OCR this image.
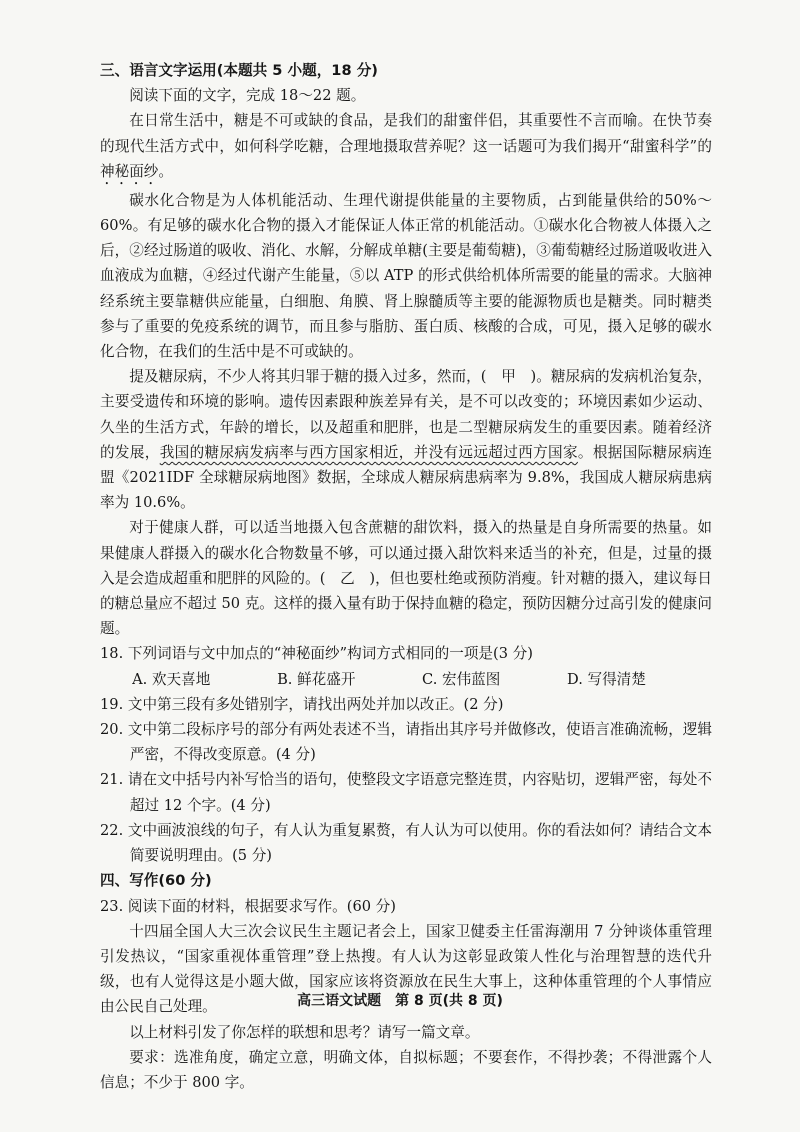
三、语言文字运用(本题共 5 小题，18 分)

阅读下面的文字，完成 18～22 题。

在日常生活中，糖是不可或缺的食品，是我们的甜蜜伴侣，其重要性不言而喻。在快节奏的现代生活方式中，如何科学吃糖，合理地摄取营养呢？这一话题可为我们揭开“甜蜜科学”的神秘面纱。

碳水化合物是为人体机能活动、生理代谢提供能量的主要物质，占到能量供给的50%～60%。有足够的碳水化合物的摄入才能保证人体正常的机能活动。①碳水化合物被人体摄入之后，②经过肠道的吸收、消化、水解，分解成单糖(主要是葡萄糖)，③葡萄糖经过肠道吸收进入血液成为血糖，④经过代谢产生能量，⑤以 ATP 的形式供给机体所需要的能量的需求。大脑神经系统主要靠糖供应能量，白细胞、角膜、肾上腺髓质等主要的能源物质也是糖类。同时糖类参与了重要的免疫系统的调节，而且参与脂肪、蛋白质、核酸的合成，可见，摄入足够的碳水化合物，在我们的生活中是不可或缺的。

提及糖尿病，不少人将其归罪于糖的摄入过多，然而，(　甲　)。糖尿病的发病机治复杂，主要受遗传和环境的影响。遗传因素跟种族差异有关，是不可以改变的；环境因素如少运动、久坐的生活方式，年龄的增长，以及超重和肥胖，也是二型糖尿病发生的重要因素。随着经济的发展，我国的糖尿病发病率与西方国家相近，并没有远远超过西方国家。根据国际糖尿病连盟《2021IDF 全球糖尿病地图》数据，全球成人糖尿病患病率为 9.8%，我国成人糖尿病患病率为 10.6%。

对于健康人群，可以适当地摄入包含蔗糖的甜饮料，摄入的热量是自身所需要的热量。如果健康人群摄入的碳水化合物数量不够，可以通过摄入甜饮料来适当的补充，但是，过量的摄入是会造成超重和肥胖的风险的。(　乙　)，但也要杜绝或预防消瘦。针对糖的摄入，建议每日的糖总量应不超过 50 克。这样的摄入量有助于保持血糖的稳定，预防因糖分过高引发的健康问题。

18. 下列词语与文中加点的“神秘面纱”构词方式相同的一项是(3 分)

A. 欢天喜地	B. 鲜花盛开	C. 宏伟蓝图	D. 写得清楚

19. 文中第三段有多处错别字，请找出两处并加以改正。(2 分)

20. 文中第二段标序号的部分有两处表述不当，请指出其序号并做修改，使语言准确流畅，逻辑严密，不得改变原意。(4 分)

21. 请在文中括号内补写恰当的语句，使整段文字语意完整连贯，内容贴切，逻辑严密，每处不超过 12 个字。(4 分)

22. 文中画波浪线的句子，有人认为重复累赘，有人认为可以使用。你的看法如何？请结合文本简要说明理由。(5 分)

四、写作(60 分)

23. 阅读下面的材料，根据要求写作。(60 分)

十四届全国人大三次会议民生主题记者会上，国家卫健委主任雷海潮用 7 分钟谈体重管理引发热议，“国家重视体重管理”登上热搜。有人认为这彰显政策人性化与治理智慧的迭代升级，也有人觉得这是小题大做，国家应该将资源放在民生大事上，这种体重管理的个人事情应由公民自己处理。

以上材料引发了你怎样的联想和思考？请写一篇文章。

要求：选准角度，确定立意，明确文体，自拟标题；不要套作，不得抄袭；不得泄露个人信息；不少于 800 字。

高三语文试题　第 8 页(共 8 页)
